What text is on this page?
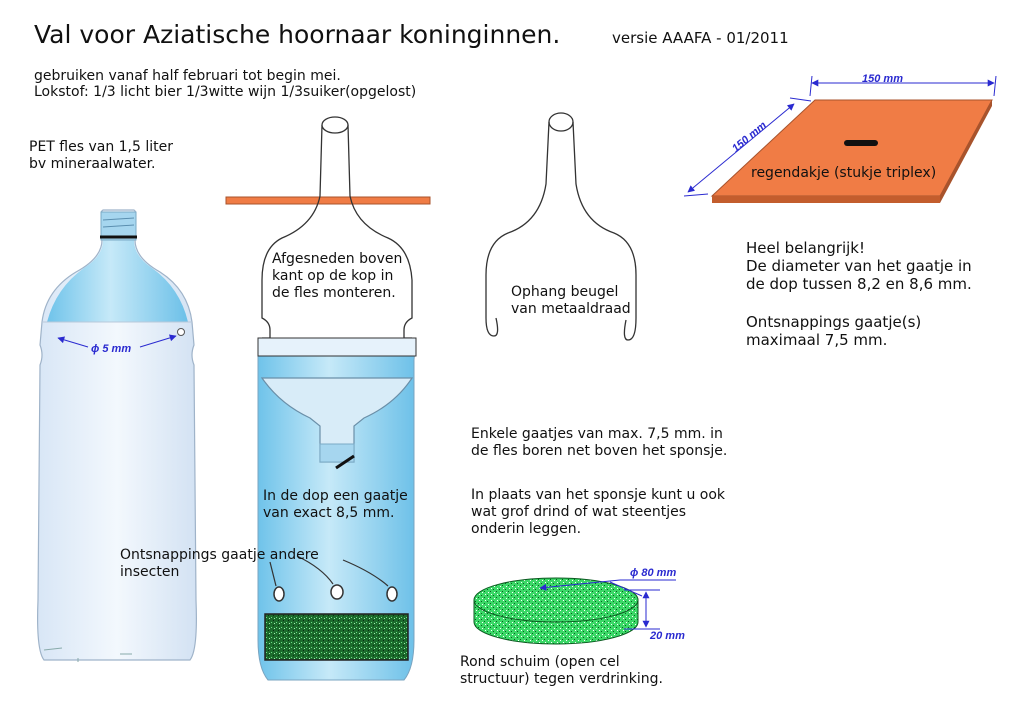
ϕ 5 mm
150 mm
150 mm
ϕ 80 mm
20 mm
Val voor Aziatische hoornaar koninginnen.	versie AAAFA - 01/2011
gebruiken vanaf half februari tot begin mei.
Lokstof: 1/3 licht bier 1/3witte wijn 1/3suiker(opgelost)
PET fles van 1,5 liter
bv mineraalwater.
Afgesneden boven
kant op de kop in
de fles monteren.
In de dop een gaatje
van exact 8,5 mm.
Ontsnappings gaatje andere
insecten
Ophang beugel
van metaaldraad
regendakje (stukje triplex)
Heel belangrijk!
De diameter van het gaatje in
de dop tussen 8,2 en 8,6 mm.
Ontsnappings gaatje(s)
maximaal 7,5 mm.
Enkele gaatjes van max. 7,5 mm. in
de fles boren net boven het sponsje.
In plaats van het sponsje kunt u ook
wat grof drind of wat steentjes
onderin leggen.
Rond schuim (open cel
structuur) tegen verdrinking.
